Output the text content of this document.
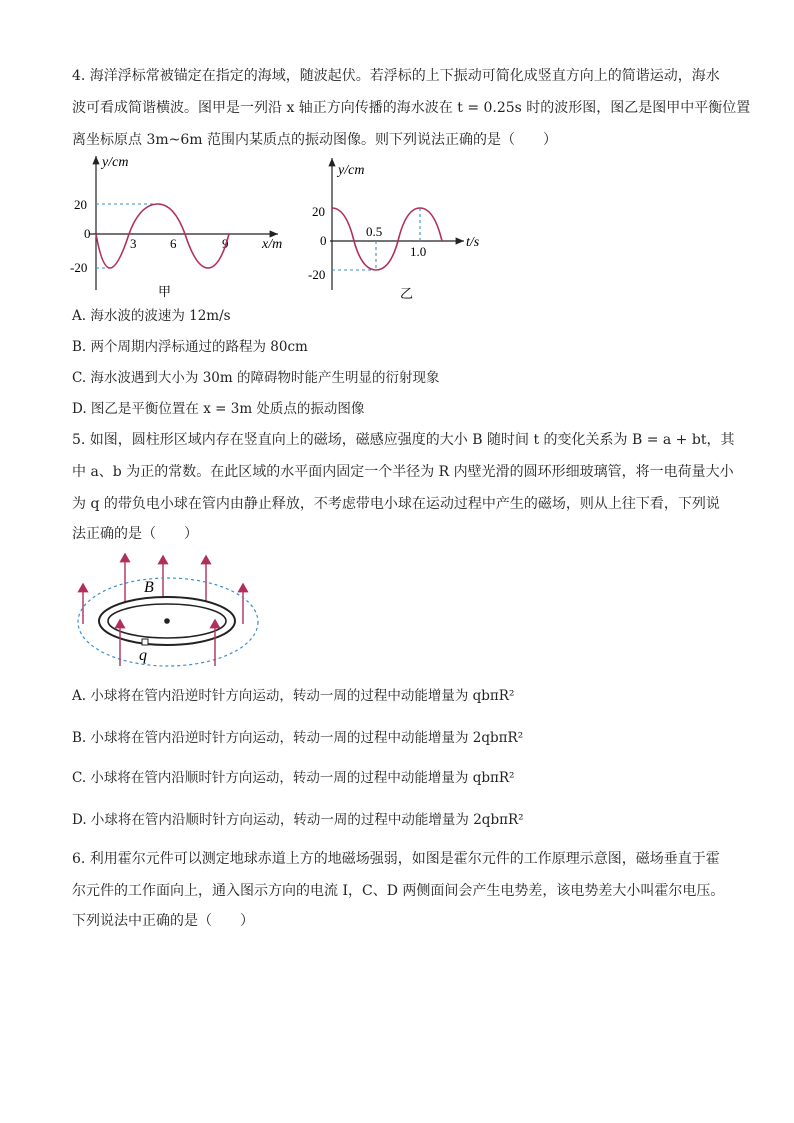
4. 海洋浮标常被锚定在指定的海域，随波起伏。若浮标的上下振动可简化成竖直方向上的简谐运动，海水
波可看成简谐横波。图甲是一列沿 x 轴正方向传播的海水波在 t = 0.25s 时的波形图，图乙是图甲中平衡位置
离坐标原点 3m~6m 范围内某质点的振动图像。则下列说法正确的是（　　）
y/cm
x/m
20
0
-20
3	6	9
甲
y/cm
t/s
20
0
-20
0.5
1.0
乙
A. 海水波的波速为 12m/s
B. 两个周期内浮标通过的路程为 80cm
C. 海水波遇到大小为 30m 的障碍物时能产生明显的衍射现象
D. 图乙是平衡位置在 x = 3m 处质点的振动图像
5. 如图，圆柱形区域内存在竖直向上的磁场，磁感应强度的大小 B 随时间 t 的变化关系为 B = a + bt，其
中 a、b 为正的常数。在此区域的水平面内固定一个半径为 R 内壁光滑的圆环形细玻璃管，将一电荷量大小
为 q 的带负电小球在管内由静止释放，不考虑带电小球在运动过程中产生的磁场，则从上往下看，下列说
法正确的是（　　）
B
q
A. 小球将在管内沿逆时针方向运动，转动一周的过程中动能增量为 qbπR²
B. 小球将在管内沿逆时针方向运动，转动一周的过程中动能增量为 2qbπR²
C. 小球将在管内沿顺时针方向运动，转动一周的过程中动能增量为 qbπR²
D. 小球将在管内沿顺时针方向运动，转动一周的过程中动能增量为 2qbπR²
6. 利用霍尔元件可以测定地球赤道上方的地磁场强弱，如图是霍尔元件的工作原理示意图，磁场垂直于霍
尔元件的工作面向上，通入图示方向的电流 I，C、D 两侧面间会产生电势差，该电势差大小叫霍尔电压。
下列说法中正确的是（　　）
